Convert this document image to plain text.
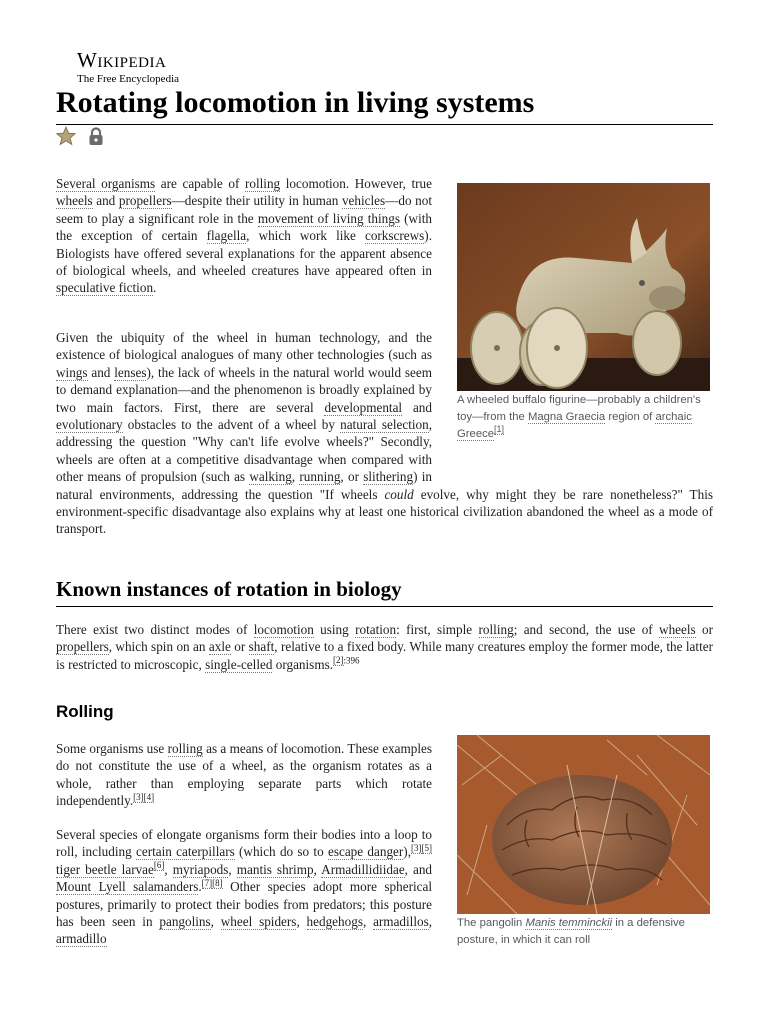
Wikipedia
The Free Encyclopedia
Rotating locomotion in living systems
A wheeled buffalo figurine—probably a children's toy—from the Magna Graecia region of archaic Greece[1]

Several organisms are capable of rolling locomotion. However, true wheels and propellers—despite their utility in human vehicles—do not seem to play a significant role in the movement of living things (with the exception of certain flagella, which work like corkscrews). Biologists have offered several explanations for the apparent absence of biological wheels, and wheeled creatures have appeared often in speculative fiction.

Given the ubiquity of the wheel in human technology, and the existence of biological analogues of many other technologies (such as wings and lenses), the lack of wheels in the natural world would seem to demand explanation—and the phenomenon is broadly explained by two main factors. First, there are several developmental and evolutionary obstacles to the advent of a wheel by natural selection, addressing the question "Why can't life evolve wheels?" Secondly, wheels are often at a competitive disadvantage when compared with other means of propulsion (such as walking, running, or slithering) in natural environments, addressing the question "If wheels could evolve, why might they be rare nonetheless?" This environment-specific disadvantage also explains why at least one historical civilization abandoned the wheel as a mode of transport.

Known instances of rotation in biology

There exist two distinct modes of locomotion using rotation: first, simple rolling; and second, the use of wheels or propellers, which spin on an axle or shaft, relative to a fixed body. While many creatures employ the former mode, the latter is restricted to microscopic, single-celled organisms.$^{[2]:396}$

Rolling
The pangolin Manis temminckii in a defensive posture, in which it can roll

Some organisms use rolling as a means of locomotion. These examples do not constitute the use of a wheel, as the organism rotates as a whole, rather than employing separate parts which rotate independently.[3][4]

Several species of elongate organisms form their bodies into a loop to roll, including certain caterpillars (which do so to escape danger),[3][5] tiger beetle larvae[6], myriapods, mantis shrimp, Armadillidiidae, and Mount Lyell salamanders.[7][8] Other species adopt more spherical postures, primarily to protect their bodies from predators; this posture has been seen in pangolins, wheel spiders, hedgehogs, armadillos, armadillo
